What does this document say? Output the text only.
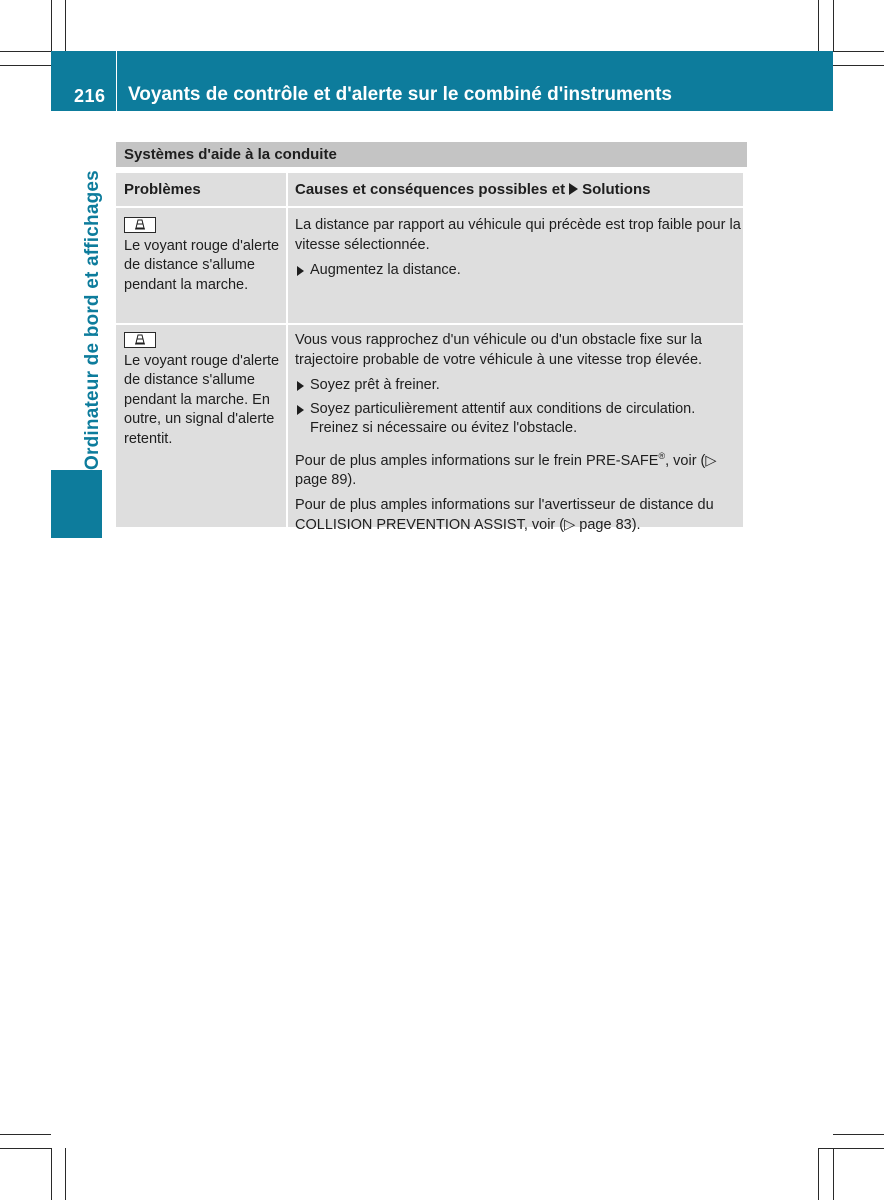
216 Voyants de contrôle et d'alerte sur le combiné d'instruments
Ordinateur de bord et affichages
Systèmes d'aide à la conduite
Problèmes	Causes et conséquences possibles et Solutions
Le voyant rouge d'alerte de distance s'allume pendant la marche.
La distance par rapport au véhicule qui précède est trop faible pour la vitesse sélectionnée.
Augmentez la distance.
Le voyant rouge d'alerte de distance s'allume pendant la marche. En outre, un signal d'alerte retentit.
Vous vous rapprochez d'un véhicule ou d'un obstacle fixe sur la trajectoire probable de votre véhicule à une vitesse trop élevée.
Soyez prêt à freiner.
Soyez particulièrement attentif aux conditions de circulation. Freinez si nécessaire ou évitez l'obstacle.
Pour de plus amples informations sur le frein PRE-SAFE®, voir (▷ page 89).
Pour de plus amples informations sur l'avertisseur de distance du COLLISION PREVENTION ASSIST, voir (▷ page 83).
